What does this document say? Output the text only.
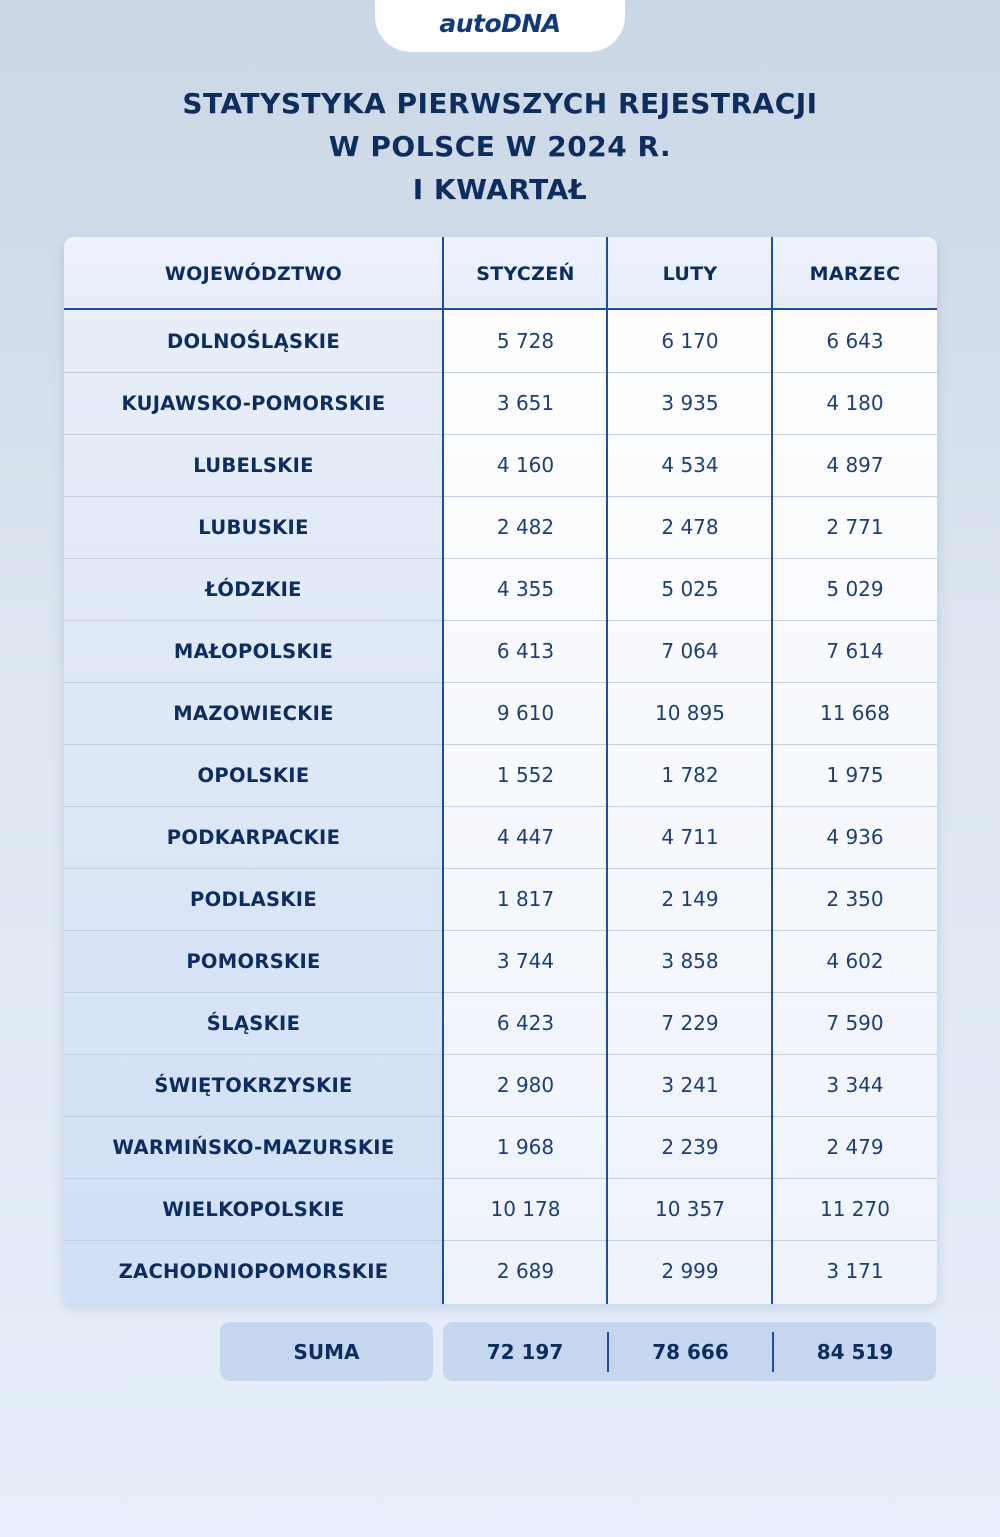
autoDNA
STATYSTYKA PIERWSZYCH REJESTRACJI
W POLSCE W 2024 R.
I KWARTAŁ
WOJEWÓDZTWO	STYCZEŃ	LUTY	MARZEC
DOLNOŚLĄSKIE	5 728	6 170	6 643
KUJAWSKO-POMORSKIE	3 651	3 935	4 180
LUBELSKIE	4 160	4 534	4 897
LUBUSKIE	2 482	2 478	2 771
ŁÓDZKIE	4 355	5 025	5 029
MAŁOPOLSKIE	6 413	7 064	7 614
MAZOWIECKIE	9 610	10 895	11 668
OPOLSKIE	1 552	1 782	1 975
PODKARPACKIE	4 447	4 711	4 936
PODLASKIE	1 817	2 149	2 350
POMORSKIE	3 744	3 858	4 602
ŚLĄSKIE	6 423	7 229	7 590
ŚWIĘTOKRZYSKIE	2 980	3 241	3 344
WARMIŃSKO-MAZURSKIE	1 968	2 239	2 479
WIELKOPOLSKIE	10 178	10 357	11 270
ZACHODNIOPOMORSKIE	2 689	2 999	3 171
SUMA	72 197	78 666	84 519
